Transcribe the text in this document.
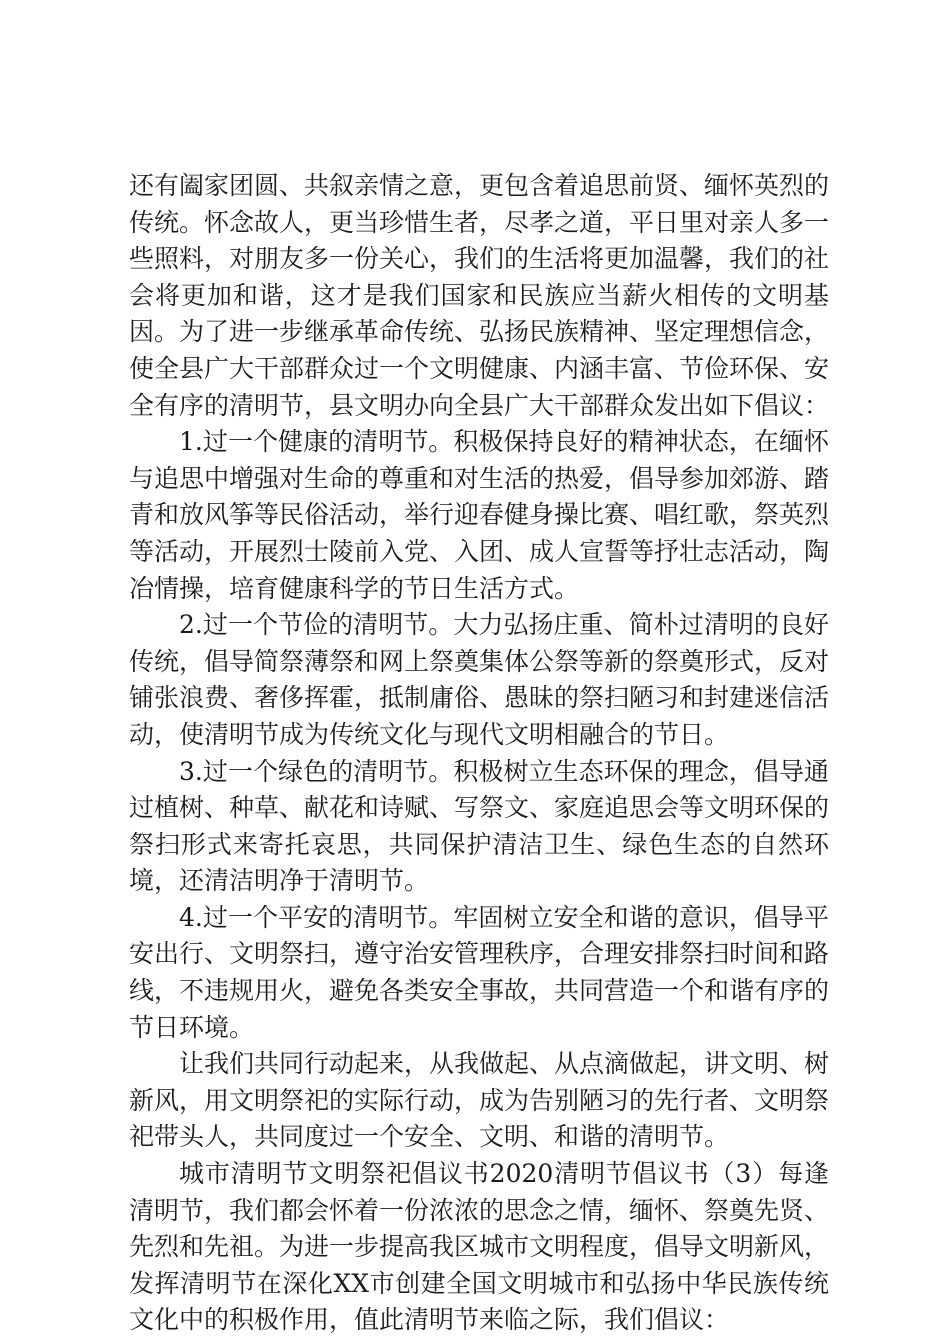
还有阖家团圆、共叙亲情之意，更包含着追思前贤、缅怀英烈的传统。怀念故人，更当珍惜生者，尽孝之道，平日里对亲人多一些照料，对朋友多一份关心，我们的生活将更加温馨，我们的社会将更加和谐，这才是我们国家和民族应当薪火相传的文明基因。为了进一步继承革命传统、弘扬民族精神、坚定理想信念，使全县广大干部群众过一个文明健康、内涵丰富、节俭环保、安全有序的清明节，县文明办向全县广大干部群众发出如下倡议：

1.过一个健康的清明节。积极保持良好的精神状态，在缅怀与追思中增强对生命的尊重和对生活的热爱，倡导参加郊游、踏青和放风筝等民俗活动，举行迎春健身操比赛、唱红歌，祭英烈等活动，开展烈士陵前入党、入团、成人宣誓等抒壮志活动，陶冶情操，培育健康科学的节日生活方式。

2.过一个节俭的清明节。大力弘扬庄重、简朴过清明的良好传统，倡导简祭薄祭和网上祭奠集体公祭等新的祭奠形式，反对铺张浪费、奢侈挥霍，抵制庸俗、愚昧的祭扫陋习和封建迷信活动，使清明节成为传统文化与现代文明相融合的节日。

3.过一个绿色的清明节。积极树立生态环保的理念，倡导通过植树、种草、献花和诗赋、写祭文、家庭追思会等文明环保的祭扫形式来寄托哀思，共同保护清洁卫生、绿色生态的自然环境，还清洁明净于清明节。

4.过一个平安的清明节。牢固树立安全和谐的意识，倡导平安出行、文明祭扫，遵守治安管理秩序，合理安排祭扫时间和路线，不违规用火，避免各类安全事故，共同营造一个和谐有序的节日环境。

让我们共同行动起来，从我做起、从点滴做起，讲文明、树新风，用文明祭祀的实际行动，成为告别陋习的先行者、文明祭祀带头人，共同度过一个安全、文明、和谐的清明节。

城市清明节文明祭祀倡议书2020清明节倡议书（3）每逢清明节，我们都会怀着一份浓浓的思念之情，缅怀、祭奠先贤、先烈和先祖。为进一步提高我区城市文明程度，倡导文明新风，发挥清明节在深化XX市创建全国文明城市和弘扬中华民族传统文化中的积极作用，值此清明节来临之际，我们倡议：
